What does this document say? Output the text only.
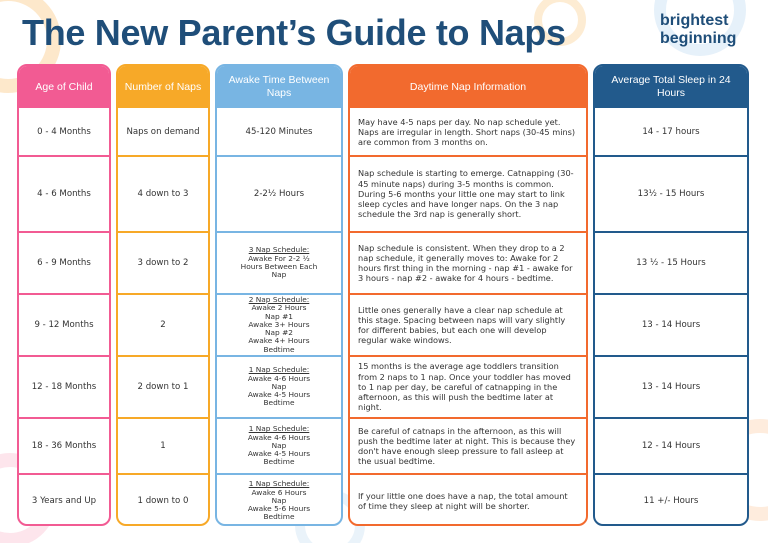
The New Parent’s Guide to Naps	brightest
beginning
Age of Child
0 - 4 Months
4 - 6 Months
6 - 9 Months
9 - 12 Months
12 - 18 Months
18 - 36 Months
3 Years and Up
Number of Naps
Naps on demand
4 down to 3
3 down to 2
2
2 down to 1
1
1 down to 0
Awake Time Between Naps
45-120 Minutes
2-2½ Hours
3 Nap Schedule:
Awake For 2-2 ½
Hours Between Each
Nap
2 Nap Schedule:
Awake 2 Hours
Nap #1
Awake 3+ Hours
Nap #2
Awake 4+ Hours
Bedtime
1 Nap Schedule:
Awake 4-6 Hours
Nap
Awake 4-5 Hours
Bedtime
1 Nap Schedule:
Awake 4-6 Hours
Nap
Awake 4-5 Hours
Bedtime
1 Nap Schedule:
Awake 6 Hours
Nap
Awake 5-6 Hours
Bedtime
Daytime Nap Information
May have 4-5 naps per day. No nap schedule yet. Naps are irregular in length. Short naps (30-45 mins) are common from 3 months on.
Nap schedule is starting to emerge. Catnapping (30-45 minute naps) during 3-5 months is common. During 5-6 months your little one may start to link sleep cycles and have longer naps. On the 3 nap schedule the 3rd nap is generally short.
Nap schedule is consistent. When they drop to a 2 nap schedule, it generally moves to: Awake for 2 hours first thing in the morning - nap #1 - awake for 3 hours - nap #2 - awake for 4 hours - bedtime.
Little ones generally have a clear nap schedule at this stage. Spacing between naps will vary slightly for different babies, but each one will develop regular wake windows.
15 months is the average age toddlers transition from 2 naps to 1 nap. Once your toddler has moved to 1 nap per day, be careful of catnapping in the afternoon, as this will push the bedtime later at night.
Be careful of catnaps in the afternoon, as this will push the bedtime later at night. This is because they don't have enough sleep pressure to fall asleep at the usual bedtime.
If your little one does have a nap, the total amount of time they sleep at night will be shorter.
Average Total Sleep in 24 Hours
14 - 17 hours
13½ - 15 Hours
13 ½ - 15 Hours
13 - 14 Hours
13 - 14 Hours
12 - 14 Hours
11 +/- Hours
